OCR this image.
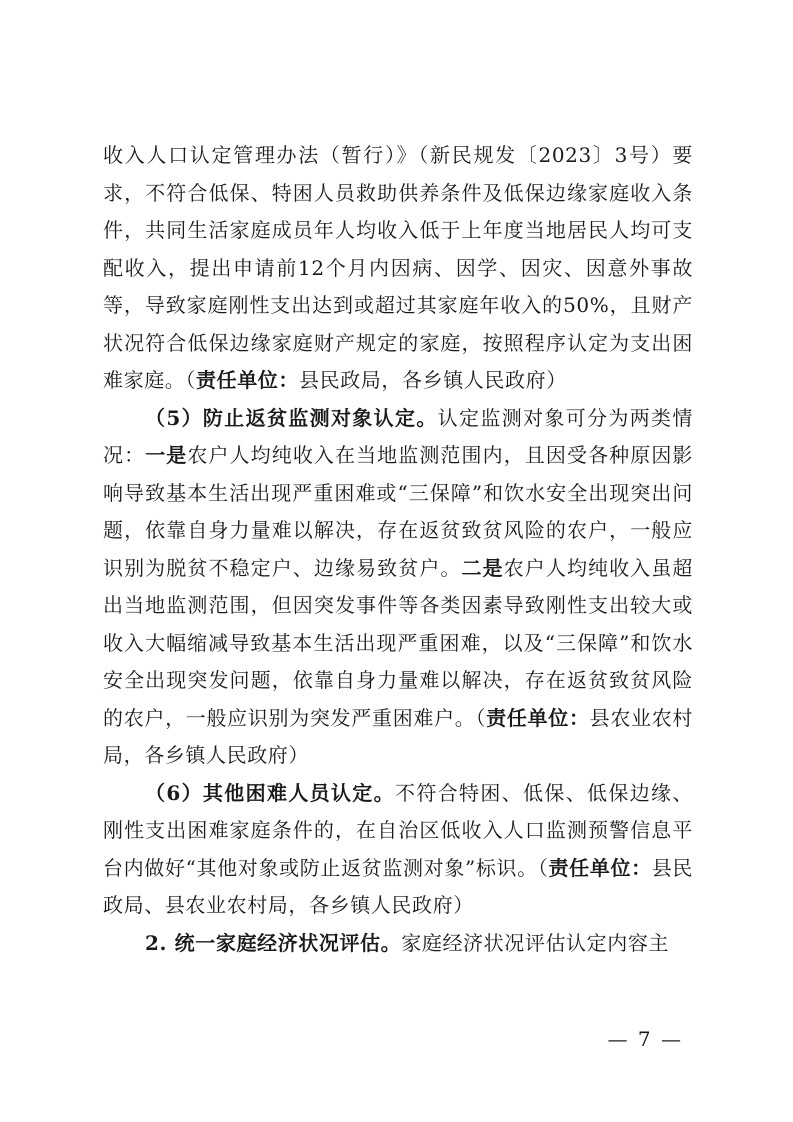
收入人口认定管理办法（暂行）》（新民规发〔2023〕3号）要求，不符合低保、特困人员救助供养条件及低保边缘家庭收入条件，共同生活家庭成员年人均收入低于上年度当地居民人均可支配收入，提出申请前12个月内因病、因学、因灾、因意外事故等，导致家庭刚性支出达到或超过其家庭年收入的50%，且财产状况符合低保边缘家庭财产规定的家庭，按照程序认定为支出困难家庭。（责任单位：县民政局，各乡镇人民政府）

（5）防止返贫监测对象认定。认定监测对象可分为两类情况：一是农户人均纯收入在当地监测范围内，且因受各种原因影响导致基本生活出现严重困难或“三保障”和饮水安全出现突出问题，依靠自身力量难以解决，存在返贫致贫风险的农户，一般应识别为脱贫不稳定户、边缘易致贫户。二是农户人均纯收入虽超出当地监测范围，但因突发事件等各类因素导致刚性支出较大或收入大幅缩减导致基本生活出现严重困难，以及“三保障”和饮水安全出现突发问题，依靠自身力量难以解决，存在返贫致贫风险的农户，一般应识别为突发严重困难户。（责任单位：县农业农村局，各乡镇人民政府）

（6）其他困难人员认定。不符合特困、低保、低保边缘、刚性支出困难家庭条件的，在自治区低收入人口监测预警信息平台内做好“其他对象或防止返贫监测对象”标识。（责任单位：县民政局、县农业农村局，各乡镇人民政府）

2. 统一家庭经济状况评估。家庭经济状况评估认定内容主

— 7 —
